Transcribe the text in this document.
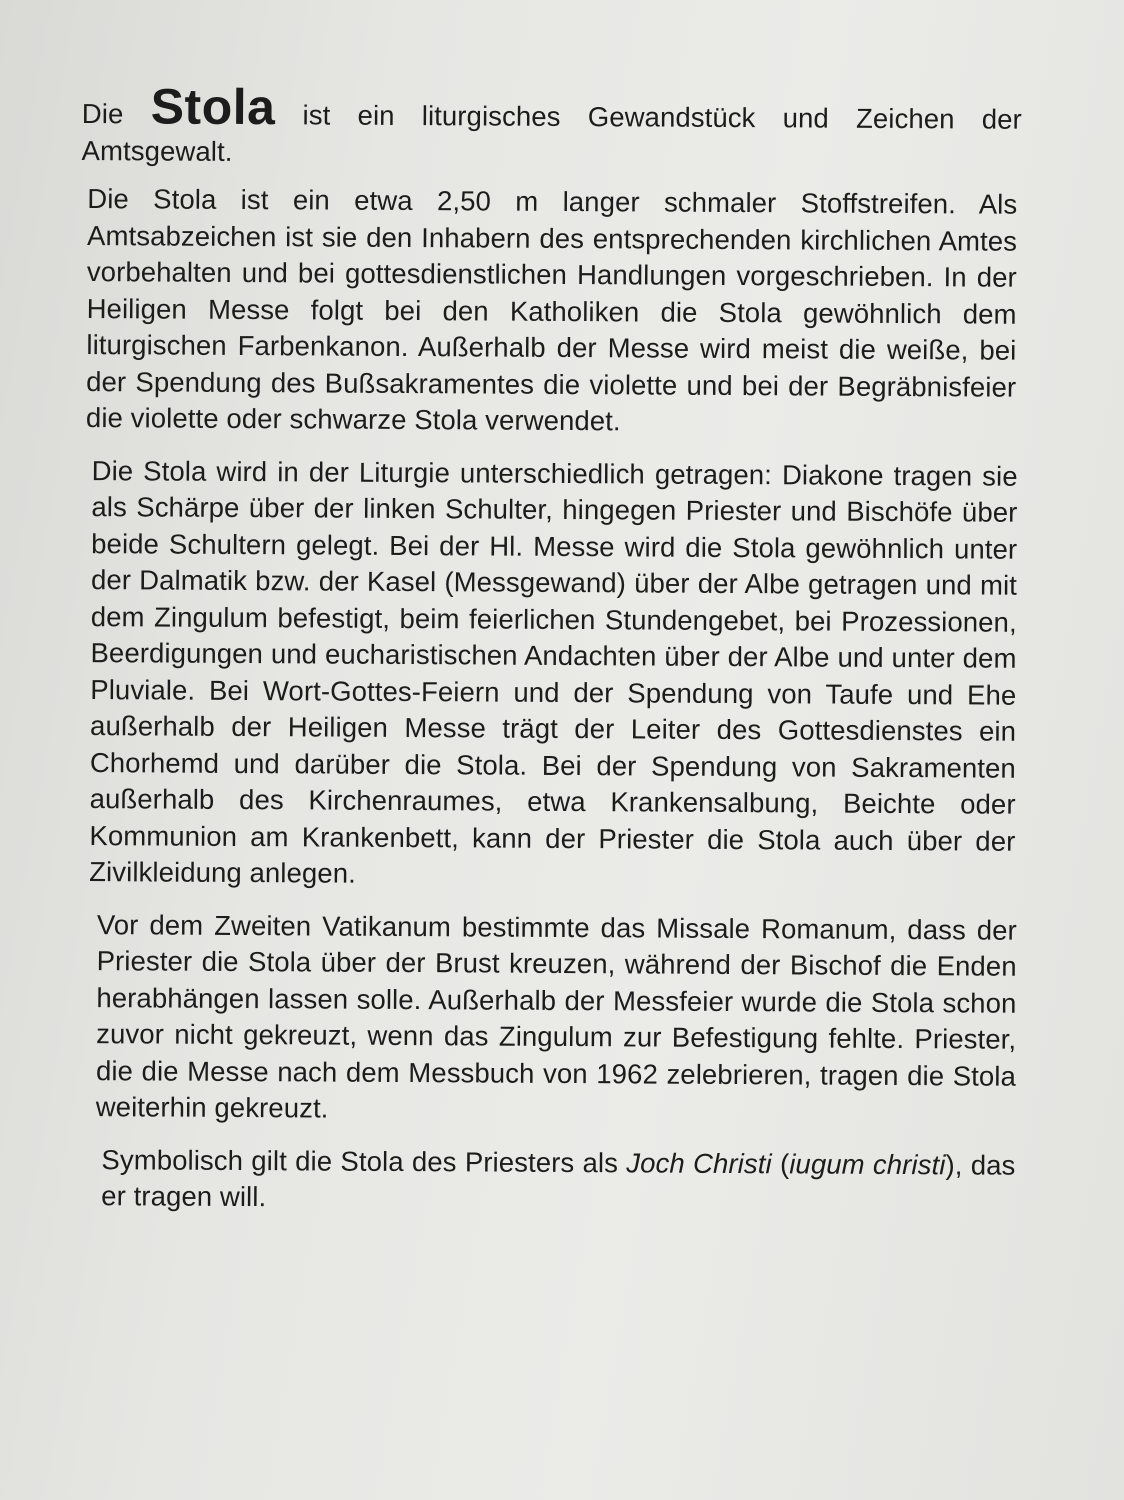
Die Stola ist ein liturgisches Gewandstück und Zeichen der Amtsgewalt.

Die Stola ist ein etwa 2,50 m langer schmaler Stoffstreifen. Als Amtsabzeichen ist sie den Inhabern des entsprechenden kirchlichen Amtes vorbehalten und bei gottesdienstlichen Handlungen vorgeschrieben. In der Heiligen Messe folgt bei den Katholiken die Stola gewöhnlich dem liturgischen Farbenkanon. Außerhalb der Messe wird meist die weiße, bei der Spendung des Bußsakramentes die violette und bei der Begräbnisfeier die violette oder schwarze Stola verwendet.

Die Stola wird in der Liturgie unterschiedlich getragen: Diakone tragen sie als Schärpe über der linken Schulter, hingegen Priester und Bischöfe über beide Schultern gelegt. Bei der Hl. Messe wird die Stola gewöhnlich unter der Dalmatik bzw. der Kasel (Messgewand) über der Albe getragen und mit dem Zingulum befestigt, beim feierlichen Stundengebet, bei Prozessionen, Beerdigungen und eucharistischen Andachten über der Albe und unter dem Pluviale. Bei Wort-Gottes-Feiern und der Spendung von Taufe und Ehe außerhalb der Heiligen Messe trägt der Leiter des Gottesdienstes ein Chorhemd und darüber die Stola. Bei der Spendung von Sakramenten außerhalb des Kirchenraumes, etwa Krankensalbung, Beichte oder Kommunion am Krankenbett, kann der Priester die Stola auch über der Zivilkleidung anlegen.

Vor dem Zweiten Vatikanum bestimmte das Missale Romanum, dass der Priester die Stola über der Brust kreuzen, während der Bischof die Enden herabhängen lassen solle. Außerhalb der Messfeier wurde die Stola schon zuvor nicht gekreuzt, wenn das Zingulum zur Befestigung fehlte. Priester, die die Messe nach dem Messbuch von 1962 zelebrieren, tragen die Stola weiterhin gekreuzt.

Symbolisch gilt die Stola des Priesters als Joch Christi (iugum christi), das er tragen will.
